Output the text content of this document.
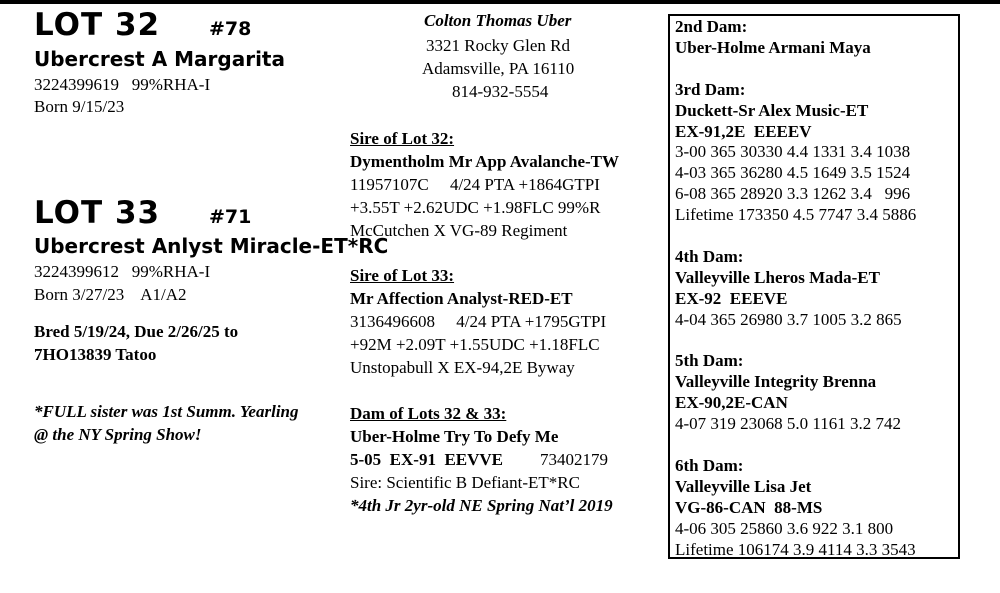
LOT 32	#78
Ubercrest A Margarita
3224399619   99%RHA-I
Born 9/15/23
LOT 33	#71
Ubercrest Anlyst Miracle-ET*RC
3224399612   99%RHA-I
Born 3/27/23    A1/A2
Bred 5/19/24, Due 2/26/25 to
7HO13839 Tatoo
*FULL sister was 1st Summ. Yearling
@ the NY Spring Show!
Colton Thomas Uber
3321 Rocky Glen Rd
Adamsville, PA 16110
814-932-5554
Sire of Lot 32:
Dymentholm Mr App Avalanche-TW
11957107C     4/24 PTA +1864GTPI
+3.55T +2.62UDC +1.98FLC 99%R
McCutchen X VG-89 Regiment
Sire of Lot 33:
Mr Affection Analyst-RED-ET
3136496608     4/24 PTA +1795GTPI
+92M +2.09T +1.55UDC +1.18FLC
Unstopabull X EX-94,2E Byway
Dam of Lots 32 & 33:
Uber-Holme Try To Defy Me
5-05  EX-91  EEVVE 73402179
Sire: Scientific B Defiant-ET*RC
*4th Jr 2yr-old NE Spring Nat’l 2019
2nd Dam:
Uber-Holme Armani Maya
3rd Dam:
Duckett-Sr Alex Music-ET
EX-91,2E  EEEEV
3-00 365 30330 4.4 1331 3.4 1038
4-03 365 36280 4.5 1649 3.5 1524
6-08 365 28920 3.3 1262 3.4   996
Lifetime 173350 4.5 7747 3.4 5886
4th Dam:
Valleyville Lheros Mada-ET
EX-92  EEEVE
4-04 365 26980 3.7 1005 3.2 865
5th Dam:
Valleyville Integrity Brenna
EX-90,2E-CAN
4-07 319 23068 5.0 1161 3.2 742
6th Dam:
Valleyville Lisa Jet
VG-86-CAN  88-MS
4-06 305 25860 3.6 922 3.1 800
Lifetime 106174 3.9 4114 3.3 3543
